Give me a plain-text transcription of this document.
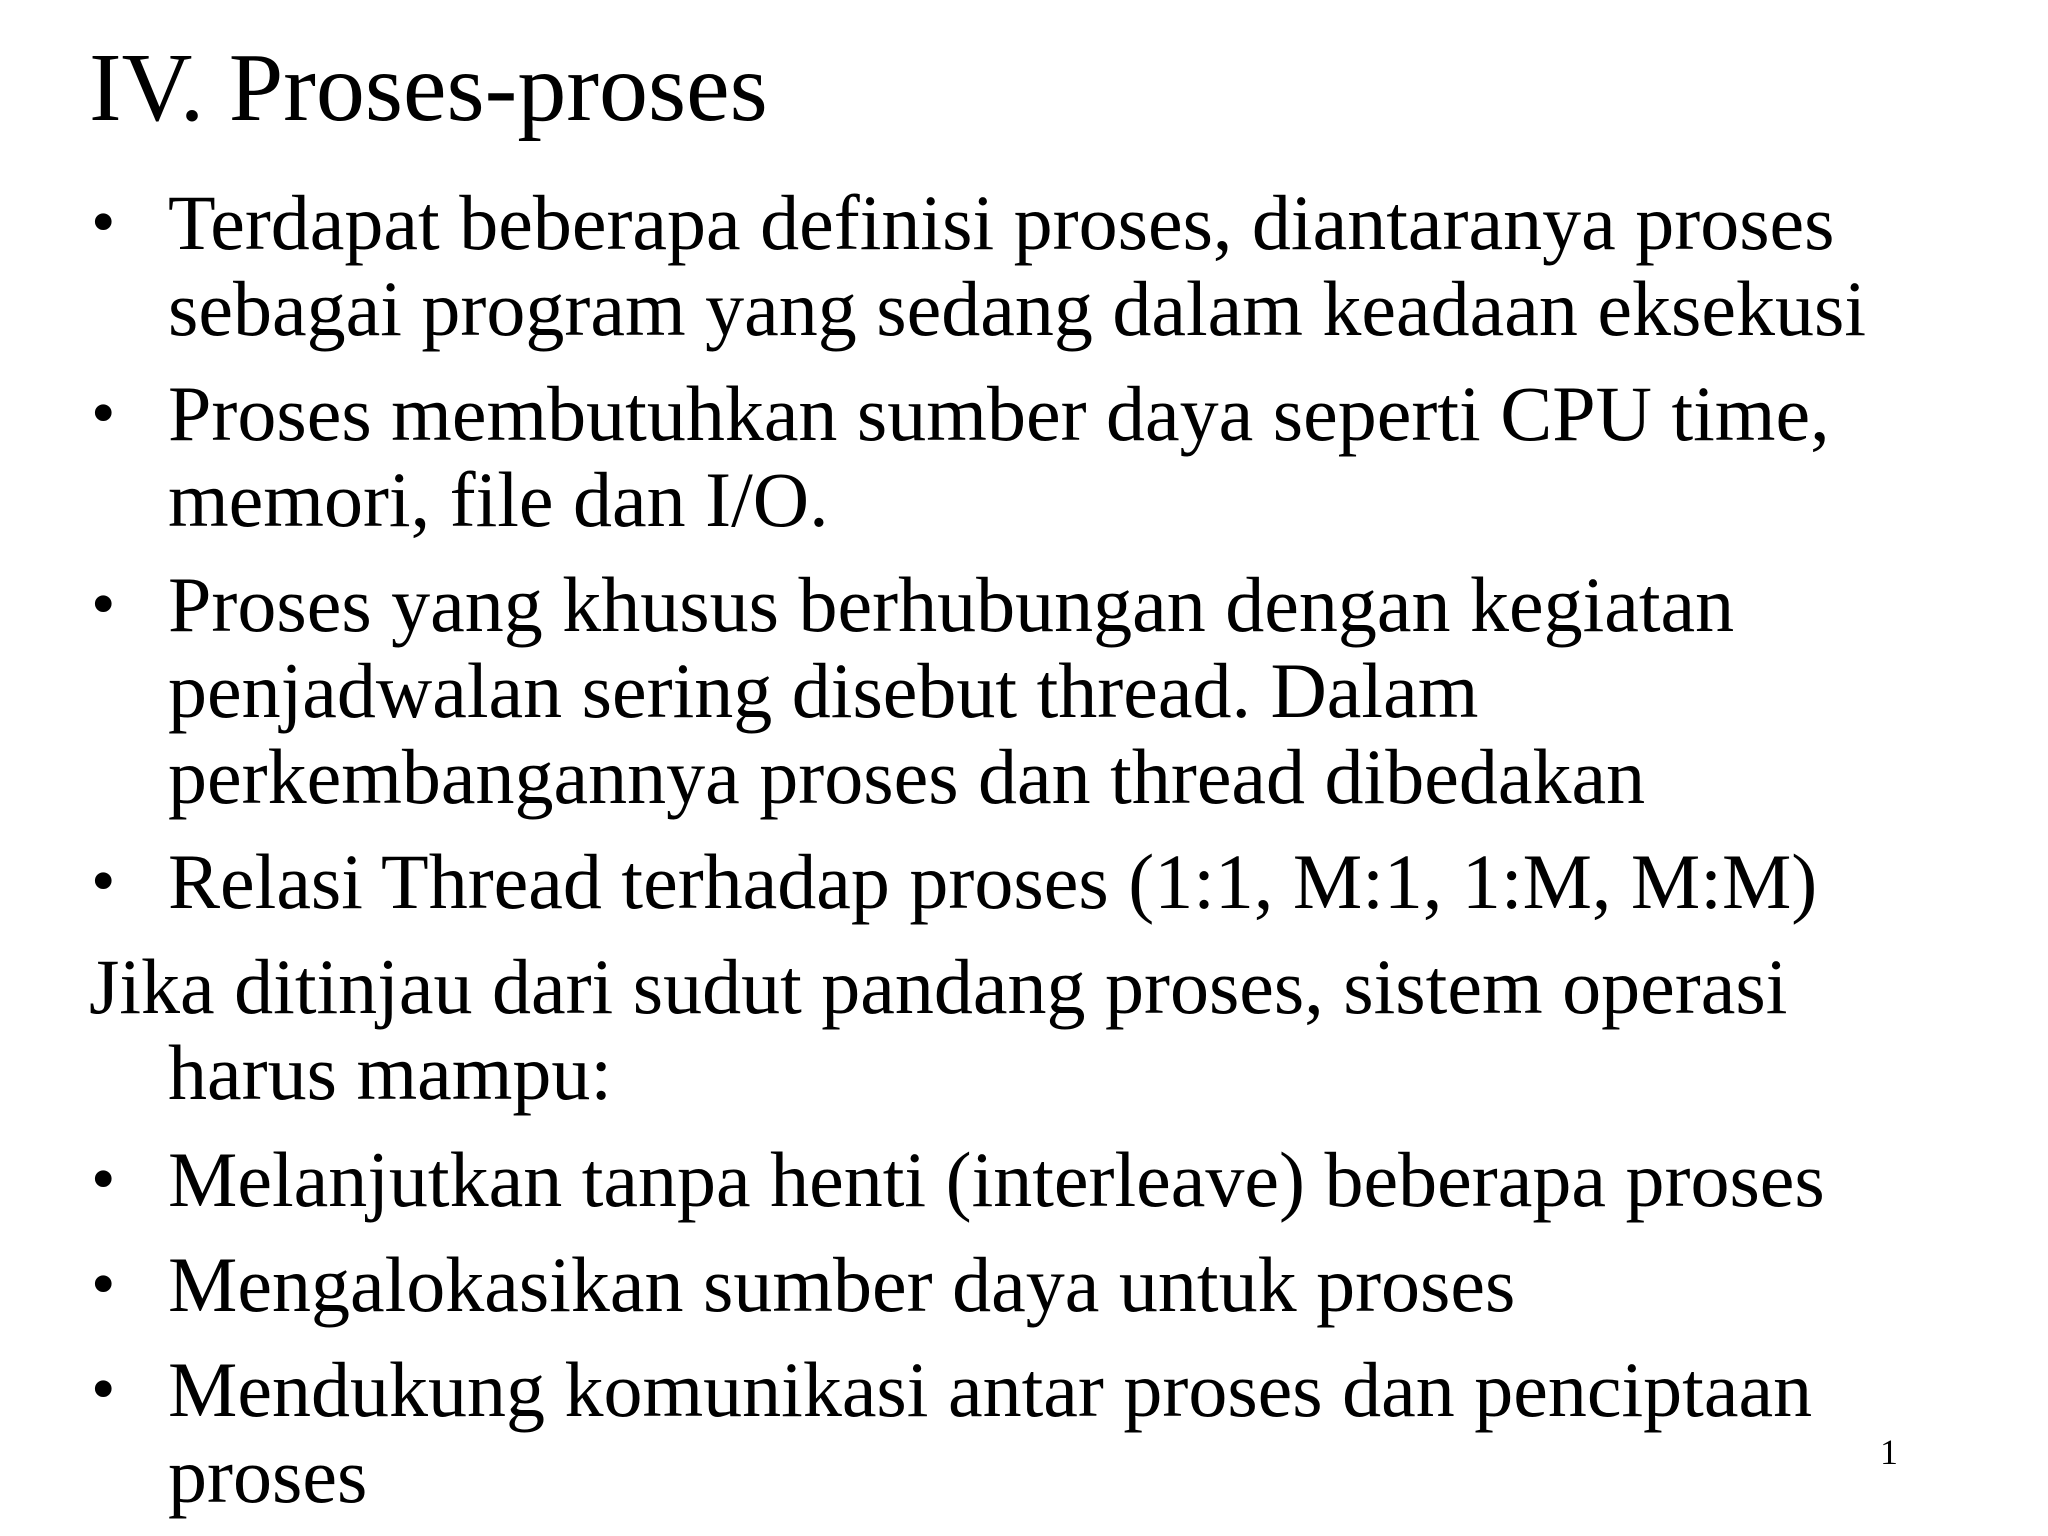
IV. Proses-proses
• Terdapat beberapa definisi proses, diantaranya proses
sebagai program yang sedang dalam keadaan eksekusi
• Proses membutuhkan sumber daya seperti CPU time,
memori, file dan I/O.
• Proses yang khusus berhubungan dengan kegiatan
penjadwalan sering disebut thread. Dalam
perkembangannya proses dan thread dibedakan
• Relasi Thread terhadap proses (1:1, M:1, 1:M, M:M)
Jika ditinjau dari sudut pandang proses, sistem operasi
harus mampu:
• Melanjutkan tanpa henti (interleave) beberapa proses
• Mengalokasikan sumber daya untuk proses
• Mendukung komunikasi antar proses dan penciptaan
proses	1
